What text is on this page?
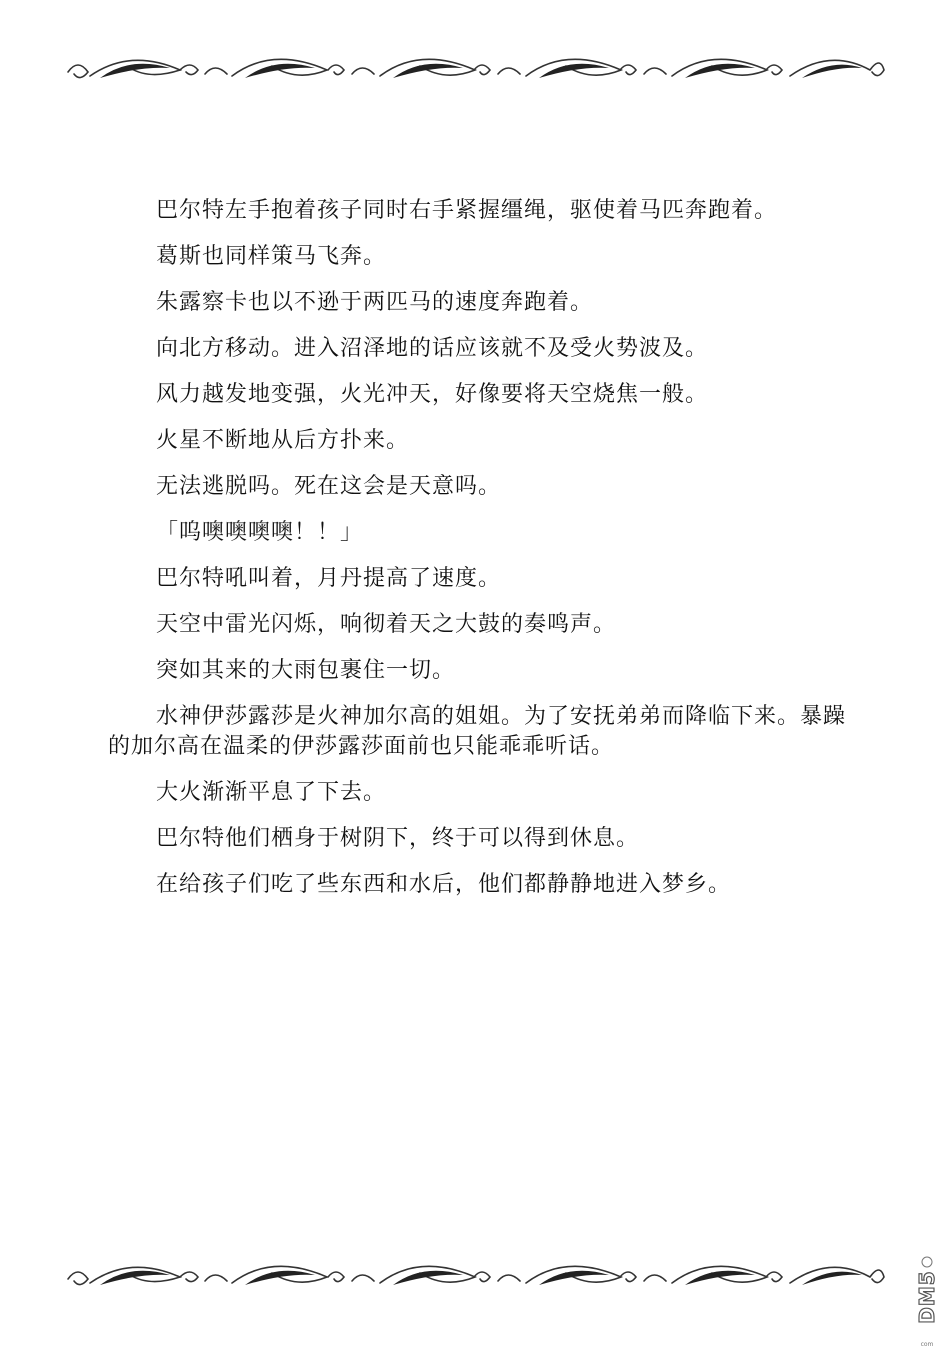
巴尔特左手抱着孩子同时右手紧握缰绳，驱使着马匹奔跑着。

葛斯也同样策马飞奔。

朱露察卡也以不逊于两匹马的速度奔跑着。

向北方移动。进入沼泽地的话应该就不及受火势波及。

风力越发地变强，火光冲天，好像要将天空烧焦一般。

火星不断地从后方扑来。

无法逃脱吗。死在这会是天意吗。

「呜噢噢噢噢！！」

巴尔特吼叫着，月丹提高了速度。

天空中雷光闪烁，响彻着天之大鼓的奏鸣声。

突如其来的大雨包裹住一切。

水神伊莎露莎是火神加尔高的姐姐。为了安抚弟弟而降临下来。暴躁的加尔高在温柔的伊莎露莎面前也只能乖乖听话。

大火渐渐平息了下去。

巴尔特他们栖身于树阴下，终于可以得到休息。

在给孩子们吃了些东西和水后，他们都静静地进入梦乡。

DM5
com
